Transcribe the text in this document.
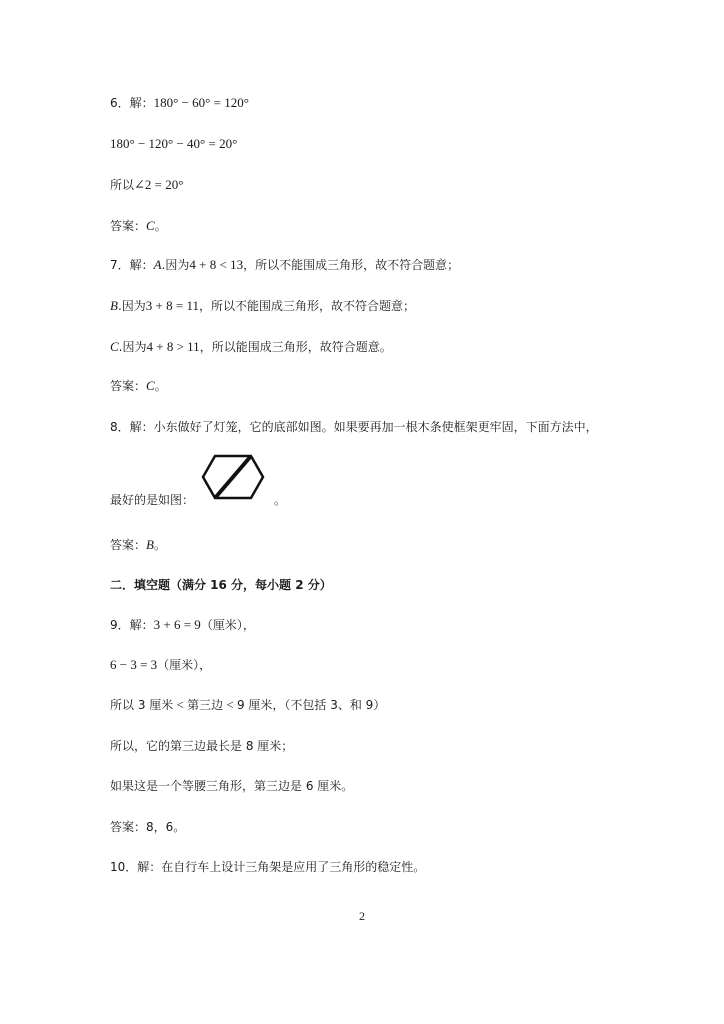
6．解：180° − 60° = 120°
180° − 120° − 40° = 20°
所以∠2 = 20°
答案：C。
7．解：A.因为4 + 8 < 13，所以不能围成三角形，故不符合题意；
B.因为3 + 8 = 11，所以不能围成三角形，故不符合题意；
C.因为4 + 8 > 11，所以能围成三角形，故符合题意。
答案：C。
8．解：小东做好了灯笼，它的底部如图。如果要再加一根木条使框架更牢固，下面方法中，
最好的是如图：	。
答案：B。
二．填空题（满分 16 分，每小题 2 分）
9．解：3 + 6 = 9（厘米），
6 − 3 = 3（厘米），
所以 3 厘米 < 第三边 < 9 厘米，（不包括 3、和 9）
所以，它的第三边最长是 8 厘米；
如果这是一个等腰三角形，第三边是 6 厘米。
答案：8，6。
10．解：在自行车上设计三角架是应用了三角形的稳定性。
2
